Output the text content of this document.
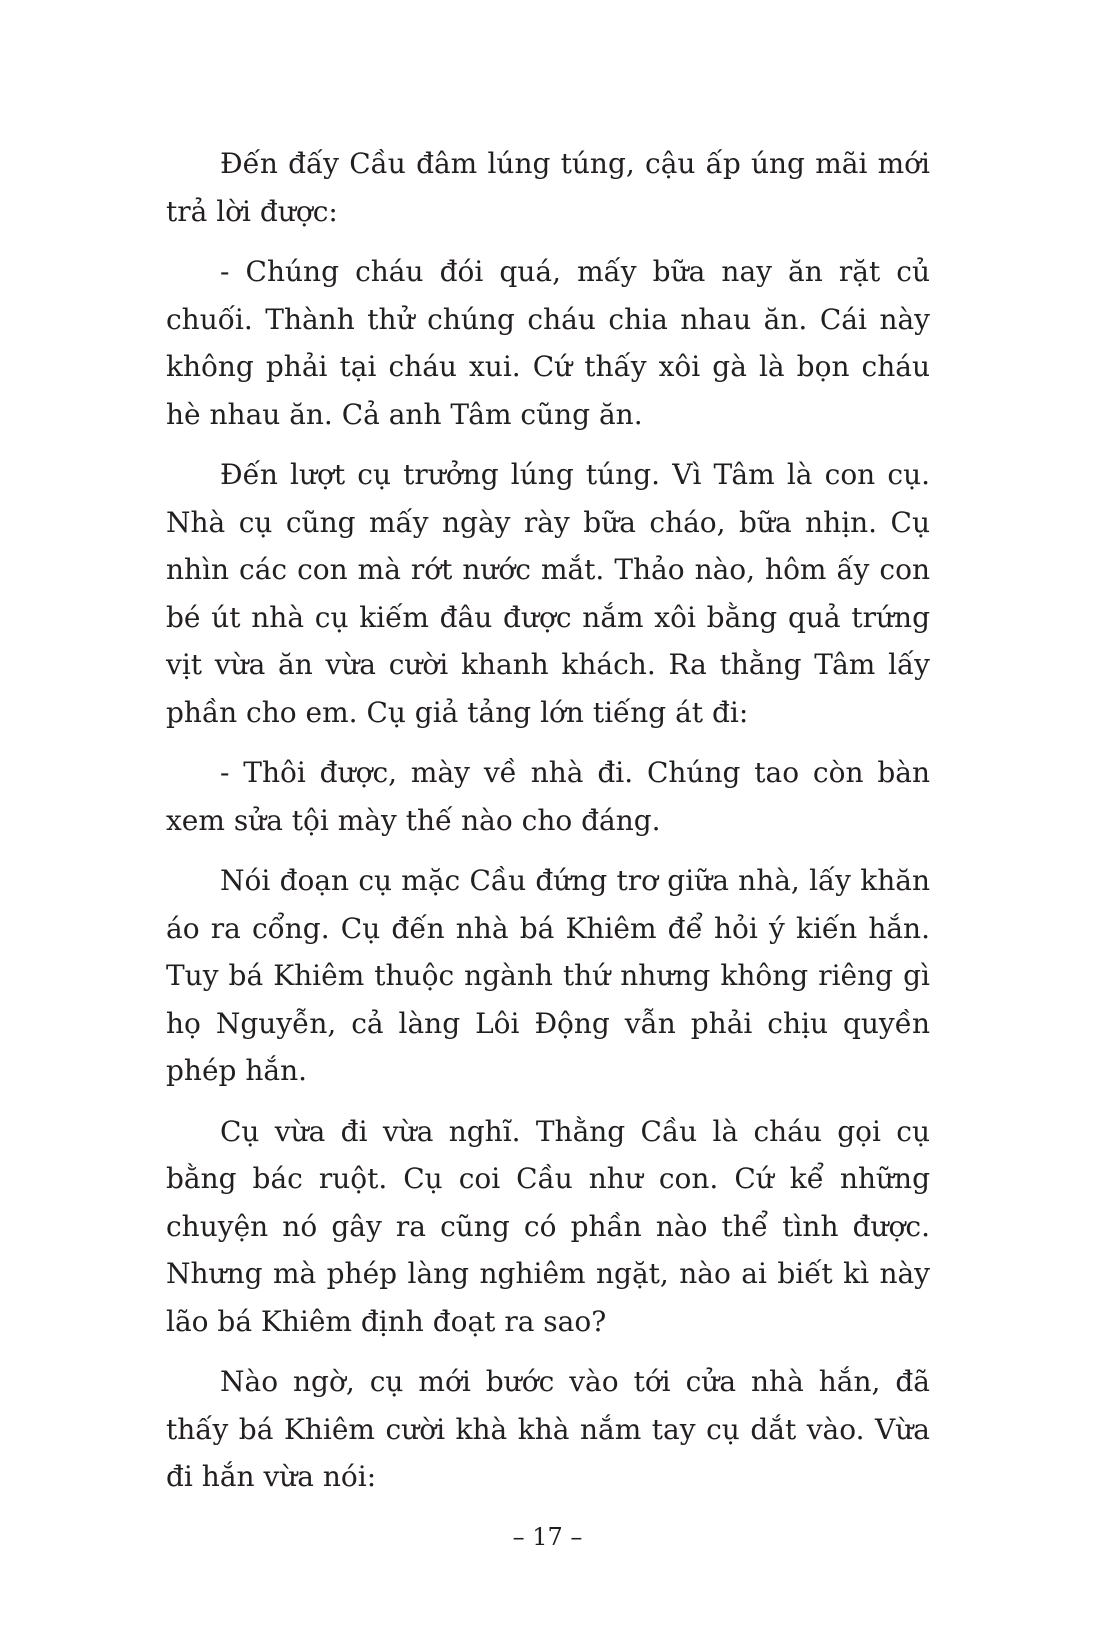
Đến đấy Cầu đâm lúng túng, cậu ấp úng mãi mới trả lời được:

- Chúng cháu đói quá, mấy bữa nay ăn rặt củ chuối. Thành thử chúng cháu chia nhau ăn. Cái này không phải tại cháu xui. Cứ thấy xôi gà là bọn cháu hè nhau ăn. Cả anh Tâm cũng ăn.

Đến lượt cụ trưởng lúng túng. Vì Tâm là con cụ. Nhà cụ cũng mấy ngày rày bữa cháo, bữa nhịn. Cụ nhìn các con mà rớt nước mắt. Thảo nào, hôm ấy con bé út nhà cụ kiếm đâu được nắm xôi bằng quả trứng vịt vừa ăn vừa cười khanh khách. Ra thằng Tâm lấy phần cho em. Cụ giả tảng lớn tiếng át đi:

- Thôi được, mày về nhà đi. Chúng tao còn bàn xem sửa tội mày thế nào cho đáng.

Nói đoạn cụ mặc Cầu đứng trơ giữa nhà, lấy khăn áo ra cổng. Cụ đến nhà bá Khiêm để hỏi ý kiến hắn. Tuy bá Khiêm thuộc ngành thứ nhưng không riêng gì họ Nguyễn, cả làng Lôi Động vẫn phải chịu quyền phép hắn.

Cụ vừa đi vừa nghĩ. Thằng Cầu là cháu gọi cụ bằng bác ruột. Cụ coi Cầu như con. Cứ kể những chuyện nó gây ra cũng có phần nào thể tình được. Nhưng mà phép làng nghiêm ngặt, nào ai biết kì này lão bá Khiêm định đoạt ra sao?

Nào ngờ, cụ mới bước vào tới cửa nhà hắn, đã thấy bá Khiêm cười khà khà nắm tay cụ dắt vào. Vừa đi hắn vừa nói:

– 17 –
